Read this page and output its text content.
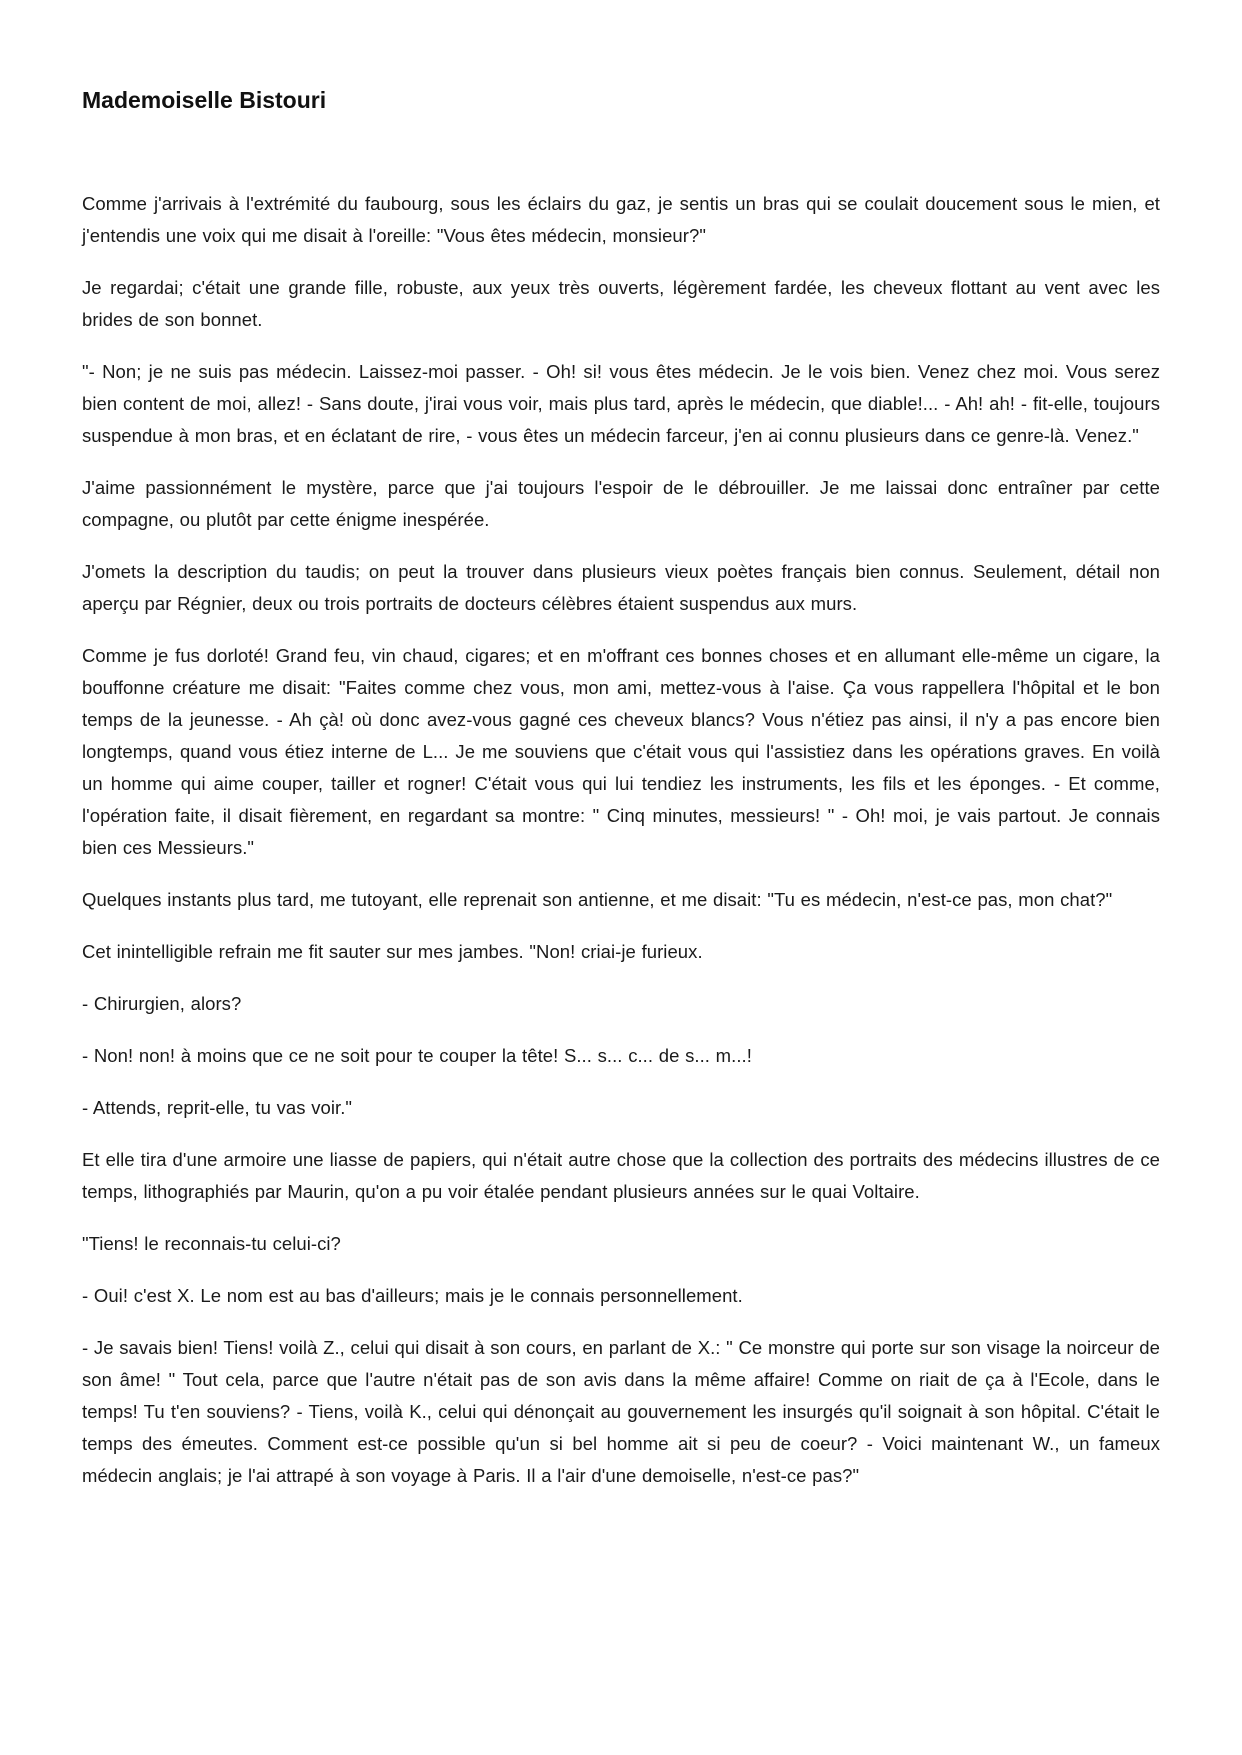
Mademoiselle Bistouri

Comme j'arrivais à l'extrémité du faubourg, sous les éclairs du gaz, je sentis un bras qui se coulait doucement sous le mien, et j'entendis une voix qui me disait à l'oreille: "Vous êtes médecin, monsieur?"

Je regardai; c'était une grande fille, robuste, aux yeux très ouverts, légèrement fardée, les cheveux flottant au vent avec les brides de son bonnet.

"- Non; je ne suis pas médecin. Laissez-moi passer. - Oh! si! vous êtes médecin. Je le vois bien. Venez chez moi. Vous serez bien content de moi, allez! - Sans doute, j'irai vous voir, mais plus tard, après le médecin, que diable!... - Ah! ah! - fit-elle, toujours suspendue à mon bras, et en éclatant de rire, - vous êtes un médecin farceur, j'en ai connu plusieurs dans ce genre-là. Venez."

J'aime passionnément le mystère, parce que j'ai toujours l'espoir de le débrouiller. Je me laissai donc entraîner par cette compagne, ou plutôt par cette énigme inespérée.

J'omets la description du taudis; on peut la trouver dans plusieurs vieux poètes français bien connus. Seulement, détail non aperçu par Régnier, deux ou trois portraits de docteurs célèbres étaient suspendus aux murs.

Comme je fus dorloté! Grand feu, vin chaud, cigares; et en m'offrant ces bonnes choses et en allumant elle-même un cigare, la bouffonne créature me disait: "Faites comme chez vous, mon ami, mettez-vous à l'aise. Ça vous rappellera l'hôpital et le bon temps de la jeunesse. - Ah çà! où donc avez-vous gagné ces cheveux blancs? Vous n'étiez pas ainsi, il n'y a pas encore bien longtemps, quand vous étiez interne de L... Je me souviens que c'était vous qui l'assistiez dans les opérations graves. En voilà un homme qui aime couper, tailler et rogner! C'était vous qui lui tendiez les instruments, les fils et les éponges. - Et comme, l'opération faite, il disait fièrement, en regardant sa montre: " Cinq minutes, messieurs! " - Oh! moi, je vais partout. Je connais bien ces Messieurs."

Quelques instants plus tard, me tutoyant, elle reprenait son antienne, et me disait: "Tu es médecin, n'est-ce pas, mon chat?"

Cet inintelligible refrain me fit sauter sur mes jambes. "Non! criai-je furieux.

- Chirurgien, alors?

- Non! non! à moins que ce ne soit pour te couper la tête! S... s... c... de s... m...!

- Attends, reprit-elle, tu vas voir."

Et elle tira d'une armoire une liasse de papiers, qui n'était autre chose que la collection des portraits des médecins illustres de ce temps, lithographiés par Maurin, qu'on a pu voir étalée pendant plusieurs années sur le quai Voltaire.

"Tiens! le reconnais-tu celui-ci?

- Oui! c'est X. Le nom est au bas d'ailleurs; mais je le connais personnellement.

- Je savais bien! Tiens! voilà Z., celui qui disait à son cours, en parlant de X.: " Ce monstre qui porte sur son visage la noirceur de son âme! " Tout cela, parce que l'autre n'était pas de son avis dans la même affaire! Comme on riait de ça à l'Ecole, dans le temps! Tu t'en souviens? - Tiens, voilà K., celui qui dénonçait au gouvernement les insurgés qu'il soignait à son hôpital. C'était le temps des émeutes. Comment est-ce possible qu'un si bel homme ait si peu de coeur? - Voici maintenant W., un fameux médecin anglais; je l'ai attrapé à son voyage à Paris. Il a l'air d'une demoiselle, n'est-ce pas?"
